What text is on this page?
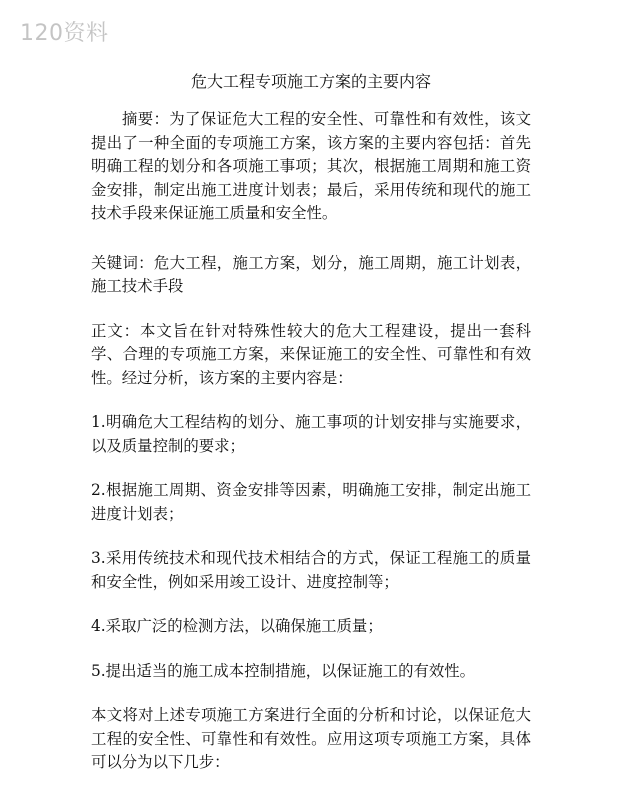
120资料
危大工程专项施工方案的主要内容

摘要：为了保证危大工程的安全性、可靠性和有效性，该文提出了一种全面的专项施工方案，该方案的主要内容包括：首先明确工程的划分和各项施工事项；其次，根据施工周期和施工资金安排，制定出施工进度计划表；最后，采用传统和现代的施工技术手段来保证施工质量和安全性。

关键词：危大工程，施工方案，划分，施工周期，施工计划表，施工技术手段

正文：本文旨在针对特殊性较大的危大工程建设，提出一套科学、合理的专项施工方案，来保证施工的安全性、可靠性和有效性。经过分析，该方案的主要内容是：

1.明确危大工程结构的划分、施工事项的计划安排与实施要求，以及质量控制的要求；

2.根据施工周期、资金安排等因素，明确施工安排，制定出施工进度计划表；

3.采用传统技术和现代技术相结合的方式，保证工程施工的质量和安全性，例如采用竣工设计、进度控制等；

4.采取广泛的检测方法，以确保施工质量；

5.提出适当的施工成本控制措施，以保证施工的有效性。

本文将对上述专项施工方案进行全面的分析和讨论，以保证危大工程的安全性、可靠性和有效性。应用这项专项施工方案，具体可以分为以下几步：
